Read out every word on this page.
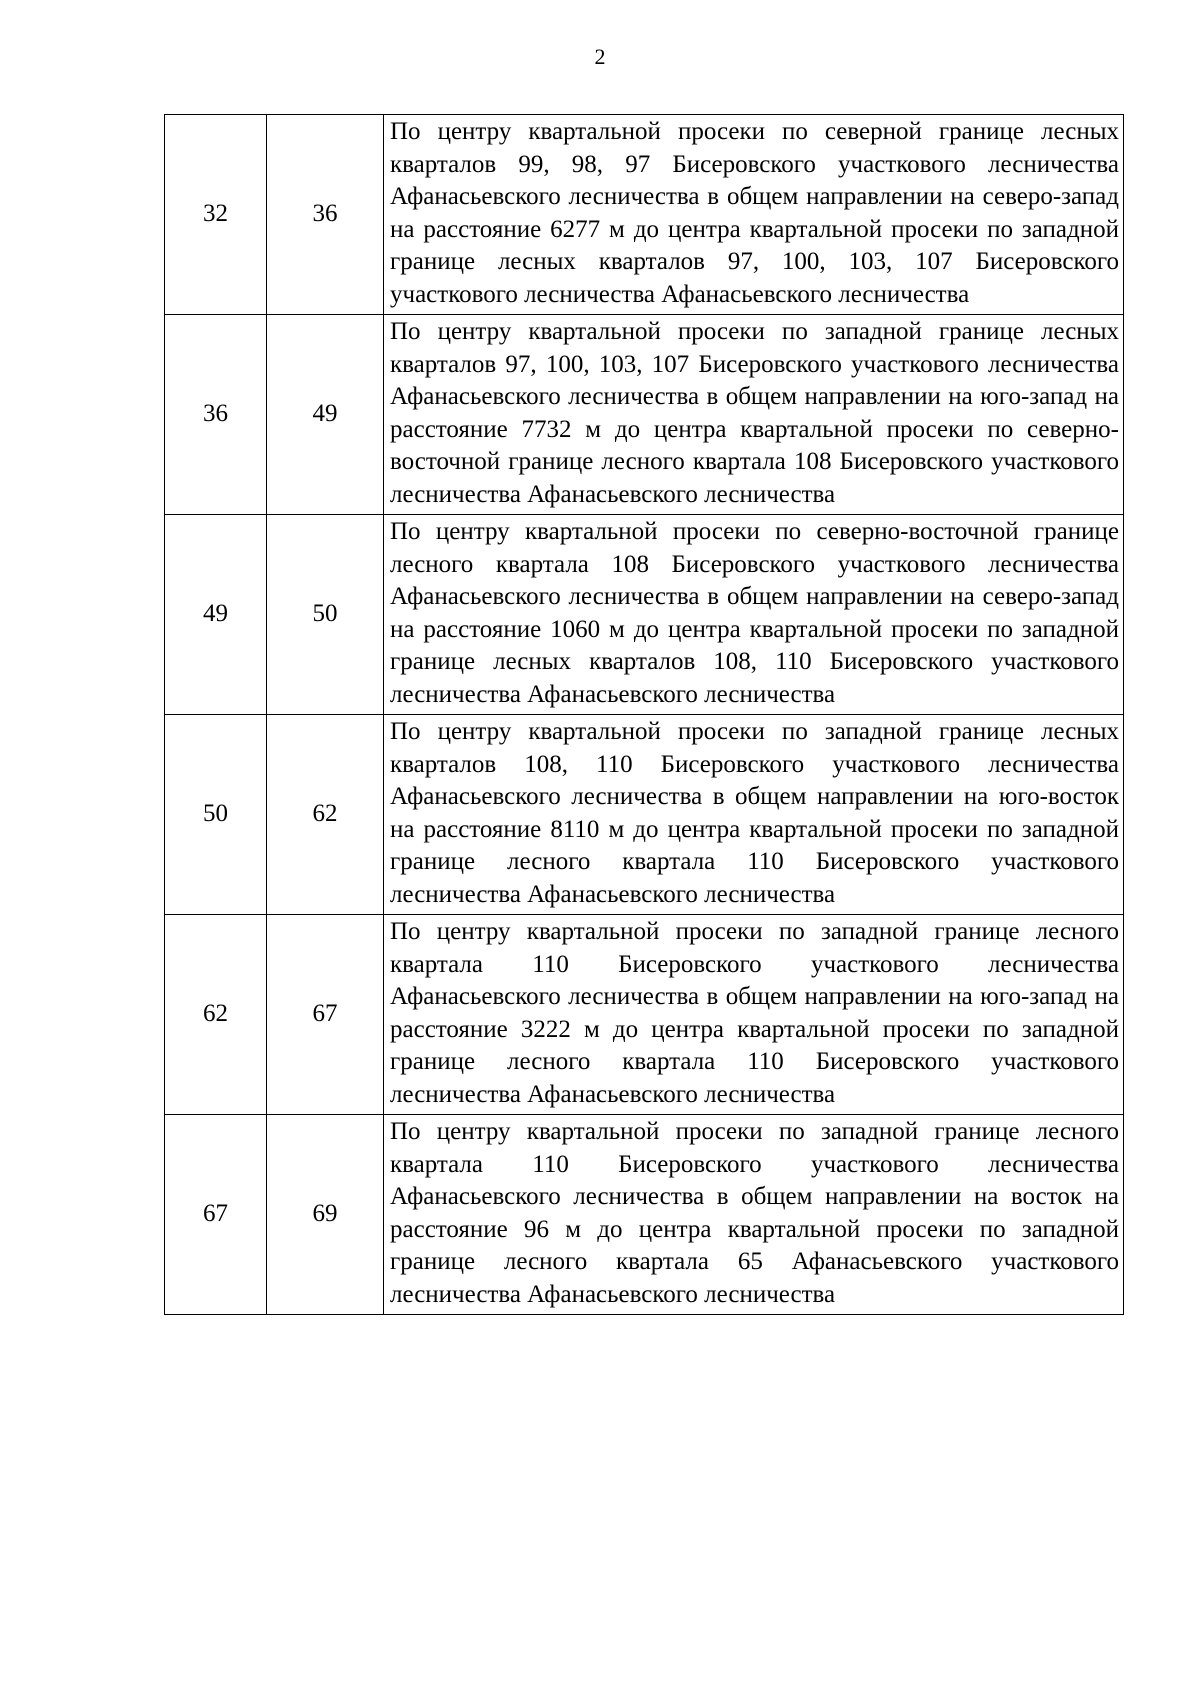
2
32	36	По центру квартальной просеки по северной границе лесных кварталов 99, 98, 97 Бисеровского участкового лесничества Афанасьевского лесничества в общем направлении на северо-запад на расстояние 6277 м до центра квартальной просеки по западной границе лесных кварталов 97, 100, 103, 107 Бисеровского участкового лесничества Афанасьевского лесничества
36	49	По центру квартальной просеки по западной границе лесных кварталов 97, 100, 103, 107 Бисеровского участкового лесничества Афанасьевского лесничества в общем направлении на юго-запад на расстояние 7732 м до центра квартальной просеки по северно-восточной границе лесного квартала 108 Бисеровского участкового лесничества Афанасьевского лесничества
49	50	По центру квартальной просеки по северно-восточной границе лесного квартала 108 Бисеровского участкового лесничества Афанасьевского лесничества в общем направлении на северо-запад на расстояние 1060 м до центра квартальной просеки по западной границе лесных кварталов 108, 110 Бисеровского участкового лесничества Афанасьевского лесничества
50	62	По центру квартальной просеки по западной границе лесных кварталов 108, 110 Бисеровского участкового лесничества Афанасьевского лесничества в общем направлении на юго-восток на расстояние 8110 м до центра квартальной просеки по западной границе лесного квартала 110 Бисеровского участкового лесничества Афанасьевского лесничества
62	67	По центру квартальной просеки по западной границе лесного квартала 110 Бисеровского участкового лесничества Афанасьевского лесничества в общем направлении на юго-запад на расстояние 3222 м до центра квартальной просеки по западной границе лесного квартала 110 Бисеровского участкового лесничества Афанасьевского лесничества
67	69	По центру квартальной просеки по западной границе лесного квартала 110 Бисеровского участкового лесничества Афанасьевского лесничества в общем направлении на восток на расстояние 96 м до центра квартальной просеки по западной границе лесного квартала 65 Афанасьевского участкового лесничества Афанасьевского лесничества
